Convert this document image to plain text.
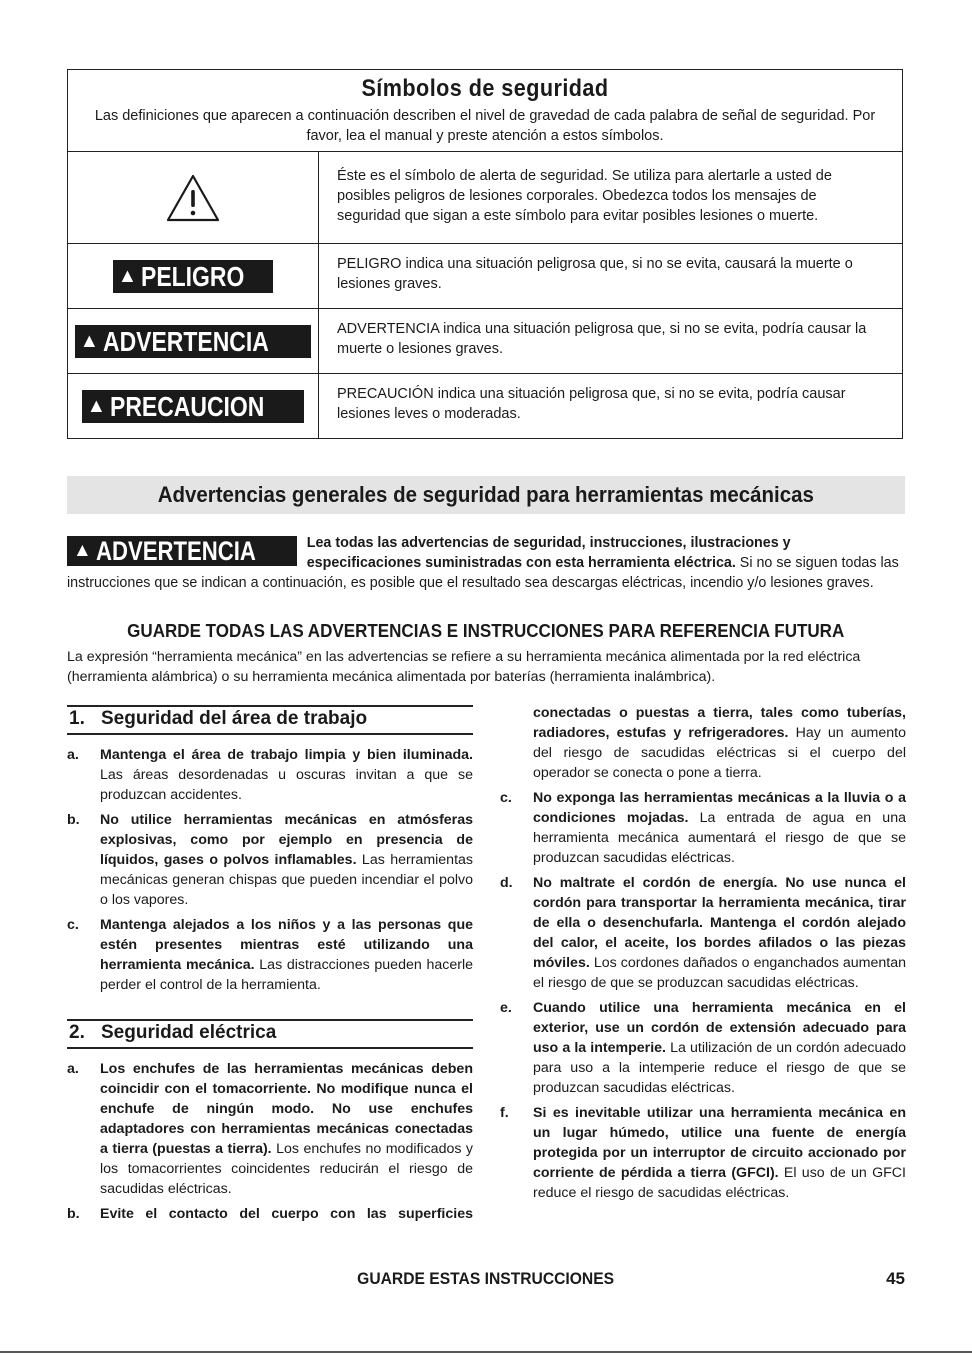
Símbolos de seguridad
Las definiciones que aparecen a continuación describen el nivel de gravedad de cada palabra de señal de seguridad. Por favor, lea el manual y preste atención a estos símbolos.
Éste es el símbolo de alerta de seguridad. Se utiliza para alertarle a usted de posibles peligros de lesiones corporales. Obedezca todos los mensajes de seguridad que sigan a este símbolo para evitar posibles lesiones o muerte.
▲ PELIGRO	PELIGRO indica una situación peligrosa que, si no se evita, causará la muerte o lesiones graves.
▲ ADVERTENCIA	ADVERTENCIA indica una situación peligrosa que, si no se evita, podría causar la muerte o lesiones graves.
▲ PRECAUCION	PRECAUCIÓN indica una situación peligrosa que, si no se evita, podría causar lesiones leves o moderadas.
Advertencias generales de seguridad para herramientas mecánicas
▲ ADVERTENCIA	Lea todas las advertencias de seguridad, instrucciones, ilustraciones y especificaciones suministradas con esta herramienta eléctrica. Si no se siguen todas las instrucciones que se indican a continuación, es posible que el resultado sea descargas eléctricas, incendio y/o lesiones graves.
GUARDE TODAS LAS ADVERTENCIAS E INSTRUCCIONES PARA REFERENCIA FUTURA
La expresión “herramienta mecánica” en las advertencias se refiere a su herramienta mecánica alimentada por la red eléctrica (herramienta alámbrica) o su herramienta mecánica alimentada por baterías (herramienta inalámbrica).
1. Seguridad del área de trabajo
a.	Mantenga el área de trabajo limpia y bien iluminada. Las áreas desordenadas u oscuras invitan a que se produzcan accidentes.
b.	No utilice herramientas mecánicas en atmósferas explosivas, como por ejemplo en presencia de líquidos, gases o polvos inflamables. Las herramientas mecánicas generan chispas que pueden incendiar el polvo o los vapores.
c.	Mantenga alejados a los niños y a las personas que estén presentes mientras esté utilizando una herramienta mecánica. Las distracciones pueden hacerle perder el control de la herramienta.
2. Seguridad eléctrica
a.	Los enchufes de las herramientas mecánicas deben coincidir con el tomacorriente. No modifique nunca el enchufe de ningún modo. No use enchufes adaptadores con herramientas mecánicas conectadas a tierra (puestas a tierra). Los enchufes no modificados y los tomacorrientes coincidentes reducirán el riesgo de sacudidas eléctricas.
b.	Evite el contacto del cuerpo con las superficies
conectadas o puestas a tierra, tales como tuberías, radiadores, estufas y refrigeradores. Hay un aumento del riesgo de sacudidas eléctricas si el cuerpo del operador se conecta o pone a tierra.
c.	No exponga las herramientas mecánicas a la lluvia o a condiciones mojadas. La entrada de agua en una herramienta mecánica aumentará el riesgo de que se produzcan sacudidas eléctricas.
d.	No maltrate el cordón de energía. No use nunca el cordón para transportar la herramienta mecánica, tirar de ella o desenchufarla. Mantenga el cordón alejado del calor, el aceite, los bordes afilados o las piezas móviles. Los cordones dañados o enganchados aumentan el riesgo de que se produzcan sacudidas eléctricas.
e.	Cuando utilice una herramienta mecánica en el exterior, use un cordón de extensión adecuado para uso a la intemperie. La utilización de un cordón adecuado para uso a la intemperie reduce el riesgo de que se produzcan sacudidas eléctricas.
f.	Si es inevitable utilizar una herramienta mecánica en un lugar húmedo, utilice una fuente de energía protegida por un interruptor de circuito accionado por corriente de pérdida a tierra (GFCI). El uso de un GFCI reduce el riesgo de sacudidas eléctricas.
GUARDE ESTAS INSTRUCCIONES	45
